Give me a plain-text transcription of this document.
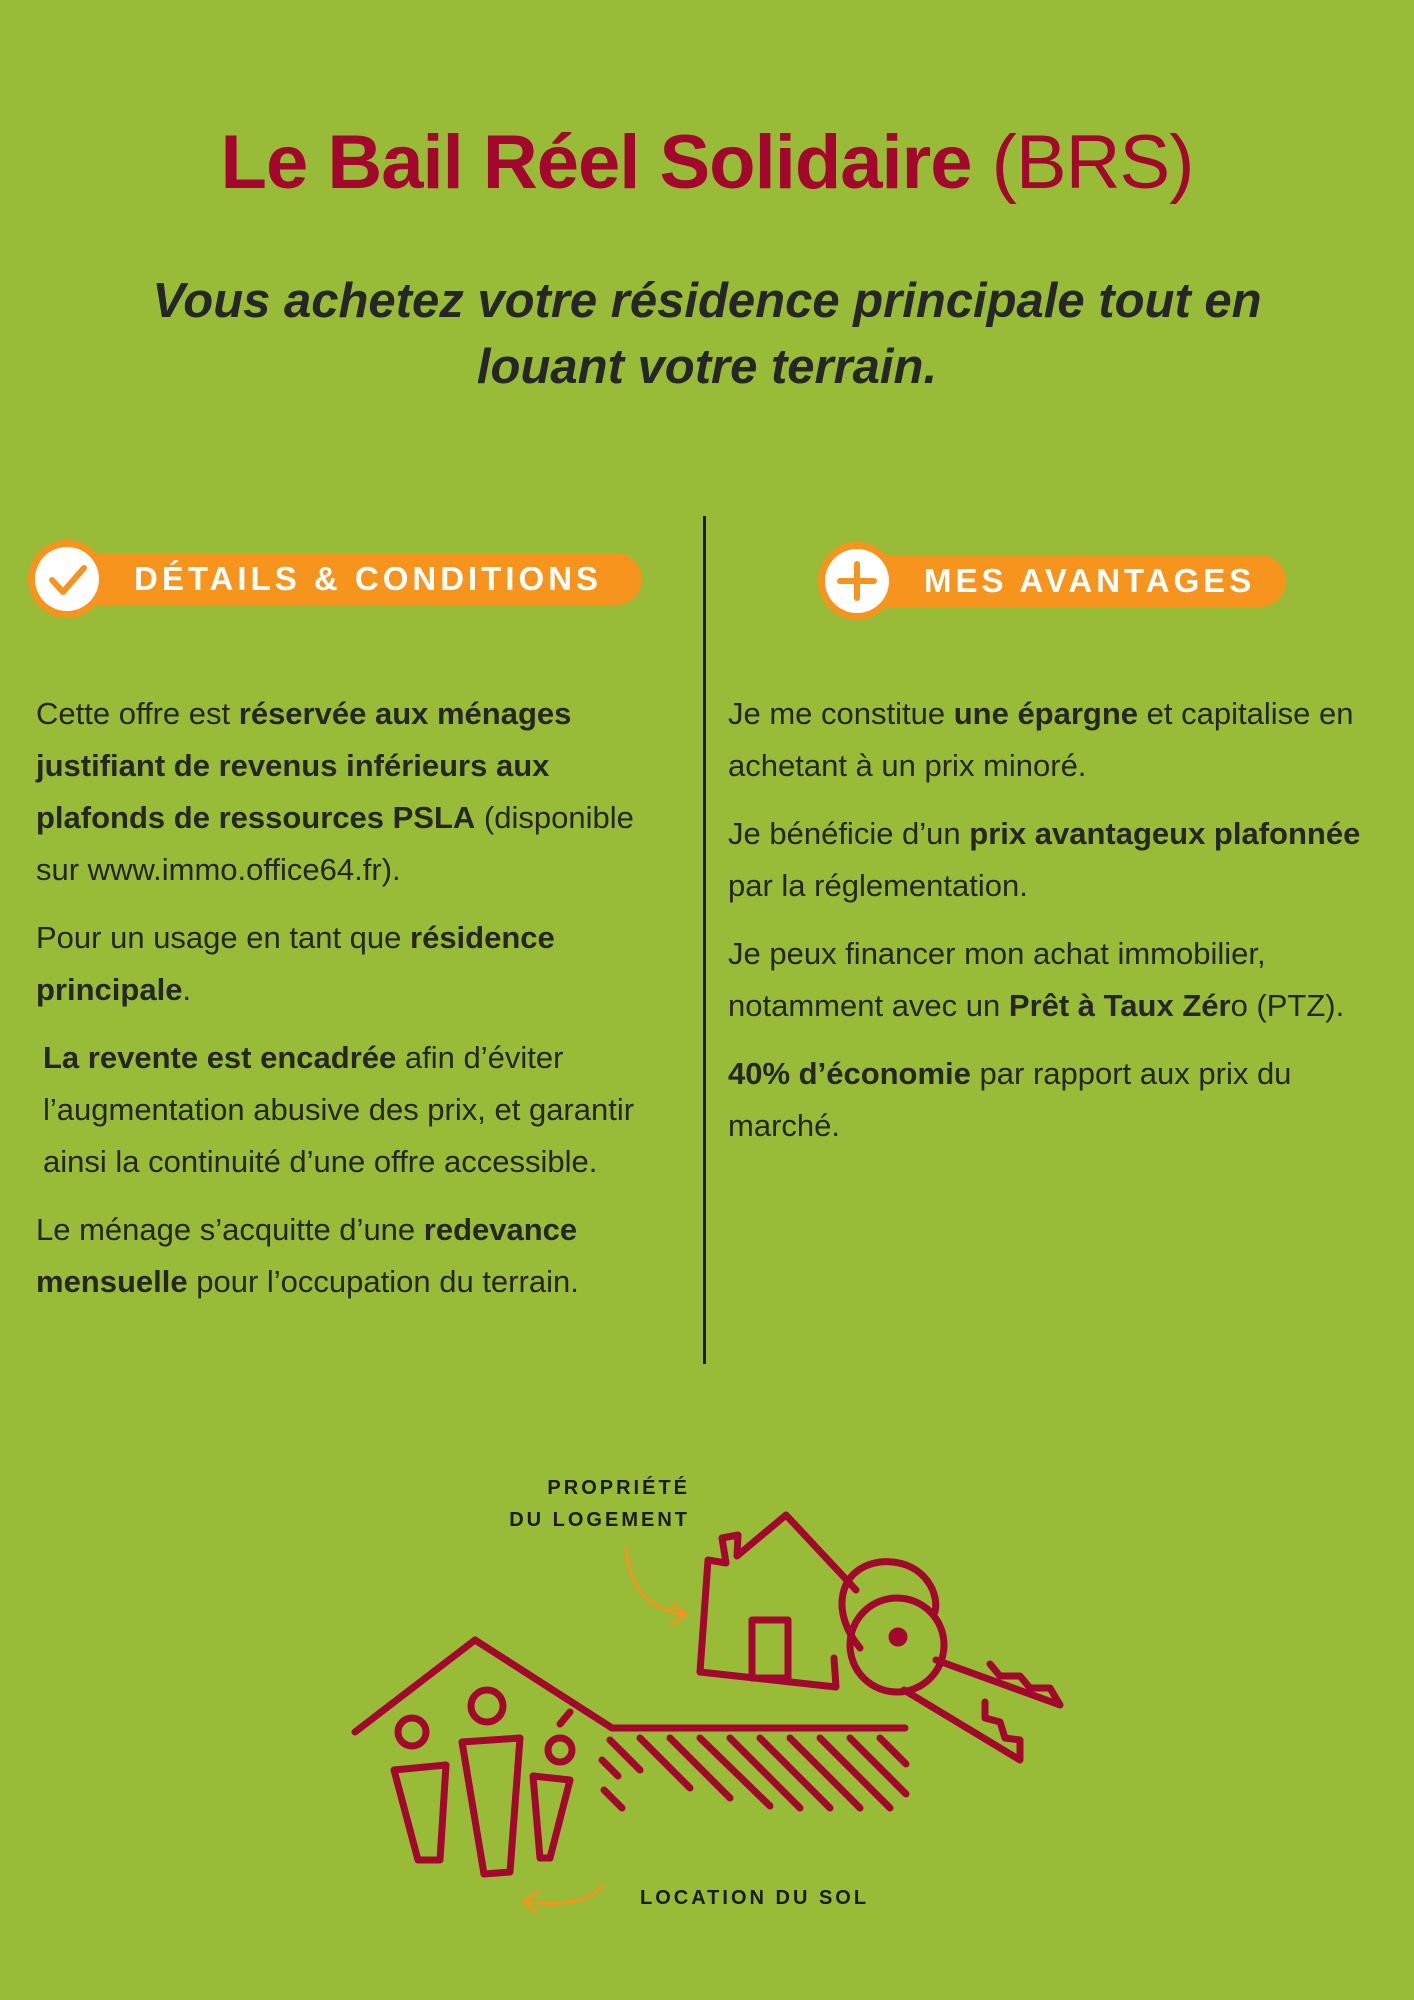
Le Bail Réel Solidaire (BRS)
Vous achetez votre résidence principale tout en
louant votre terrain.
DÉTAILS & CONDITIONS	MES AVANTAGES

Cette offre est réservée aux ménages justifiant de revenus inférieurs aux plafonds de ressources PSLA (disponible sur www.immo.office64.fr).

Pour un usage en tant que résidence principale.

La revente est encadrée afin d’éviter l’augmentation abusive des prix, et garantir ainsi la continuité d’une offre accessible.

Le ménage s’acquitte d’une redevance mensuelle pour l’occupation du terrain.

Je me constitue une épargne et capitalise en achetant à un prix minoré.

Je bénéficie d’un prix avantageux plafonnée par la réglementation.

Je peux financer mon achat immobilier, notamment avec un Prêt à Taux Zéro (PTZ).

40% d’économie par rapport aux prix du marché.

PROPRIÉTÉ
DU LOGEMENT
LOCATION DU SOL
